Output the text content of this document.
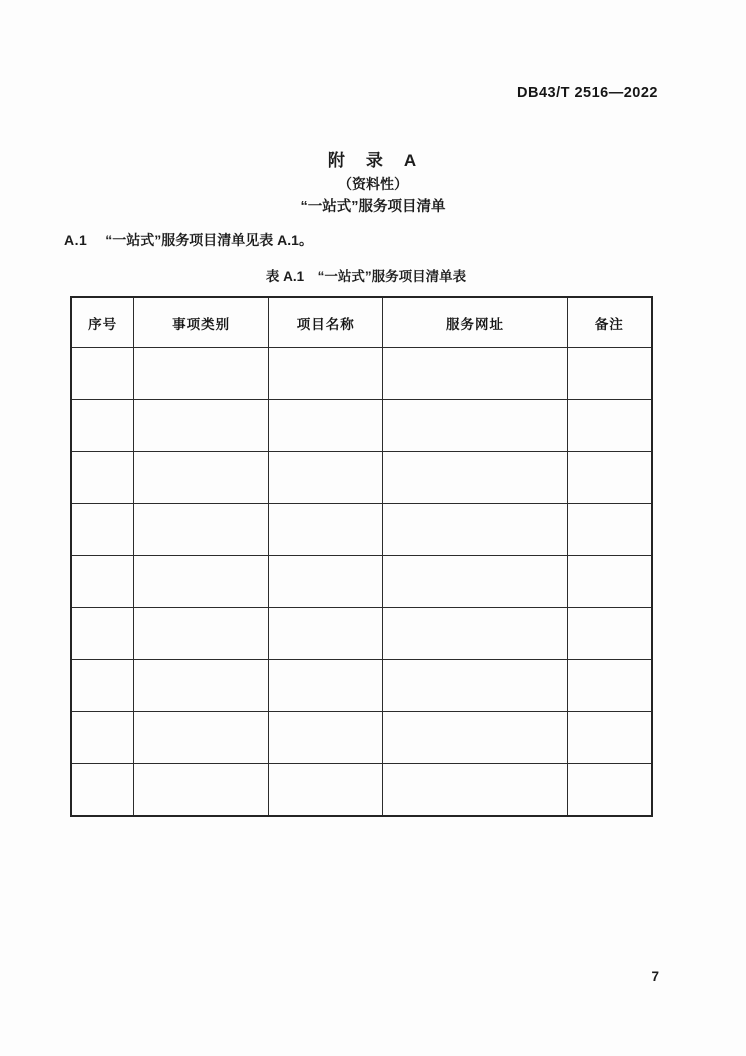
DB43/T 2516—2022
附　录　A
（资料性）
“一站式”服务项目清单

A.1 “一站式”服务项目清单见表 A.1。

表 A.1　“一站式”服务项目清单表
序号	事项类别	项目名称	服务网址	备注

7
